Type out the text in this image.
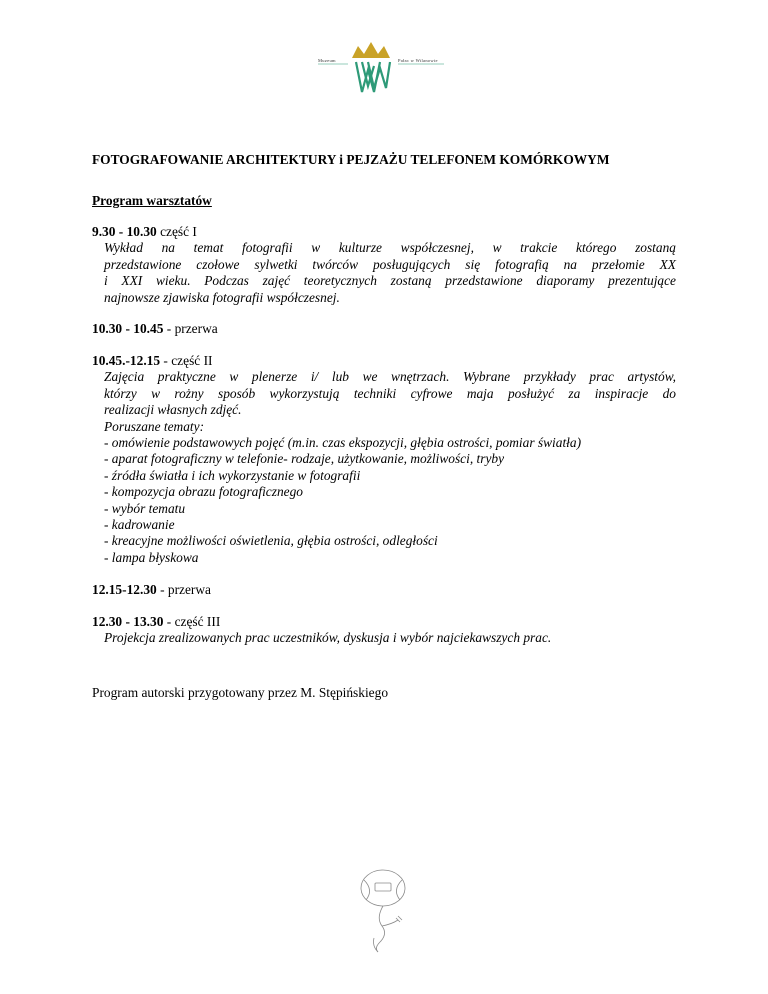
Muzeum	Pałac w Wilanowie
FOTOGRAFOWANIE ARCHITEKTURY i PEJZAŻU TELEFONEM KOMÓRKOWYM
Program warsztatów
9.30 - 10.30 część I
Wykład na temat fotografii w kulturze współczesnej, w trakcie którego zostaną
przedstawione czołowe sylwetki twórców posługujących się fotografią na przełomie XX
i XXI wieku. Podczas zajęć teoretycznych zostaną przedstawione diaporamy prezentujące
najnowsze zjawiska fotografii współczesnej.
10.30 - 10.45 - przerwa
10.45.-12.15 - część II
Zajęcia praktyczne w plenerze i/ lub we wnętrzach. Wybrane przykłady prac artystów,
którzy w rożny sposób wykorzystują techniki cyfrowe maja posłużyć za inspiracje do
realizacji własnych zdjęć.
Poruszane tematy:
- omówienie podstawowych pojęć (m.in. czas ekspozycji, głębia ostrości, pomiar światła)
- aparat fotograficzny w telefonie- rodzaje, użytkowanie, możliwości, tryby
- źródła światła i ich wykorzystanie w fotografii
- kompozycja obrazu fotograficznego
- wybór tematu
- kadrowanie
- kreacyjne możliwości oświetlenia, głębia ostrości, odległości
- lampa błyskowa
12.15-12.30 - przerwa
12.30 - 13.30 - część III
Projekcja zrealizowanych prac uczestników, dyskusja i wybór najciekawszych prac.
Program autorski przygotowany przez M. Stępińskiego
